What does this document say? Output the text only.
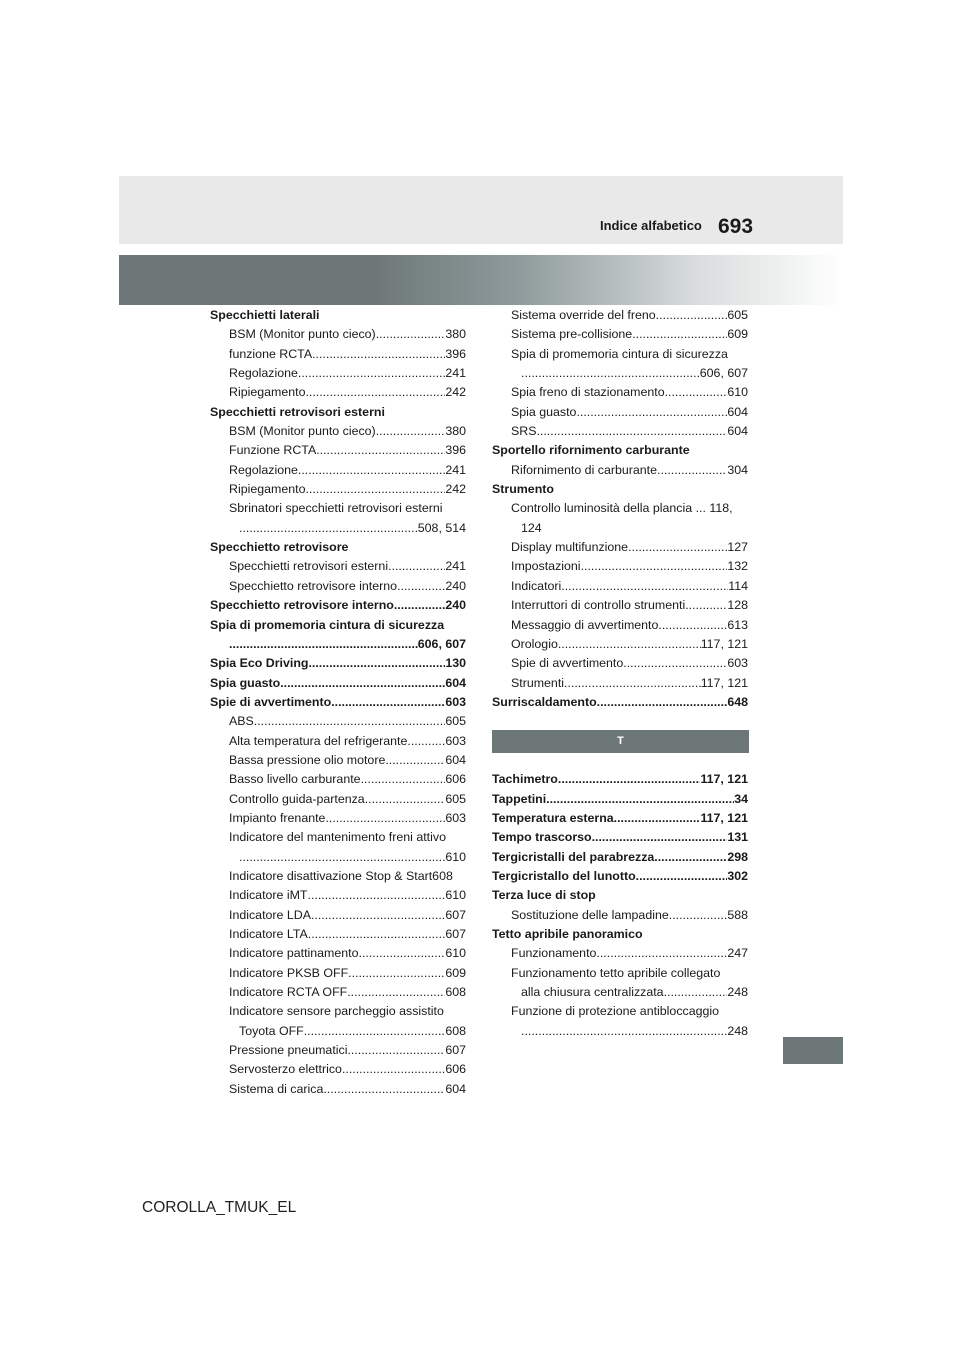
Indice alfabetico 693
Specchietti laterali
BSM (Monitor punto cieco) .....	380
funzione RCTA .....	396
Regolazione .....	241
Ripiegamento .....	242
Specchietti retrovisori esterni
BSM (Monitor punto cieco) .....	380
Funzione RCTA .....	396
Regolazione .....	241
Ripiegamento .....	242
Sbrinatori specchietti retrovisori esterni
.....
508, 514
Specchietto retrovisore
Specchietti retrovisori esterni .....	241
Specchietto retrovisore interno .....	240
Specchietto retrovisore interno .....	240
Spia di promemoria cintura di sicurezza
.....
606, 607
Spia Eco Driving .....	130
Spia guasto .....	604
Spie di avvertimento .....	603
ABS .....	605
Alta temperatura del refrigerante .....	603
Bassa pressione olio motore .....	604
Basso livello carburante .....	606
Controllo guida-partenza .....	605
Impianto frenante .....	603
Indicatore del mantenimento freni attivo
.....
610
Indicatore disattivazione Stop & Start608
Indicatore iMT .....	610
Indicatore LDA .....	607
Indicatore LTA .....	607
Indicatore pattinamento .....	610
Indicatore PKSB OFF .....	609
Indicatore RCTA OFF .....	608
Indicatore sensore parcheggio assistito
Toyota OFF .....	608
Pressione pneumatici .....	607
Servosterzo elettrico .....	606
Sistema di carica .....	604
Sistema override del freno .....	605
Sistema pre-collisione .....	609
Spia di promemoria cintura di sicurezza
.....
606, 607
Spia freno di stazionamento .....	610
Spia guasto .....	604
SRS .....	604
Sportello rifornimento carburante
Rifornimento di carburante .....	304
Strumento
Controllo luminosità della plancia ... 118,
124
Display multifunzione .....	127
Impostazioni .....	132
Indicatori .....	114
Interruttori di controllo strumenti .....	128
Messaggio di avvertimento .....	613
Orologio .....	117, 121
Spie di avvertimento .....	603
Strumenti .....	117, 121
Surriscaldamento .....	648
T
Tachimetro .....	117, 121
Tappetini .....	34
Temperatura esterna .....	117, 121
Tempo trascorso .....	131
Tergicristalli del parabrezza .....	298
Tergicristallo del lunotto .....	302
Terza luce di stop
Sostituzione delle lampadine .....	588
Tetto apribile panoramico
Funzionamento .....	247
Funzionamento tetto apribile collegato
alla chiusura centralizzata .....	248
Funzione di protezione antibloccaggio
.....
248
COROLLA_TMUK_EL
